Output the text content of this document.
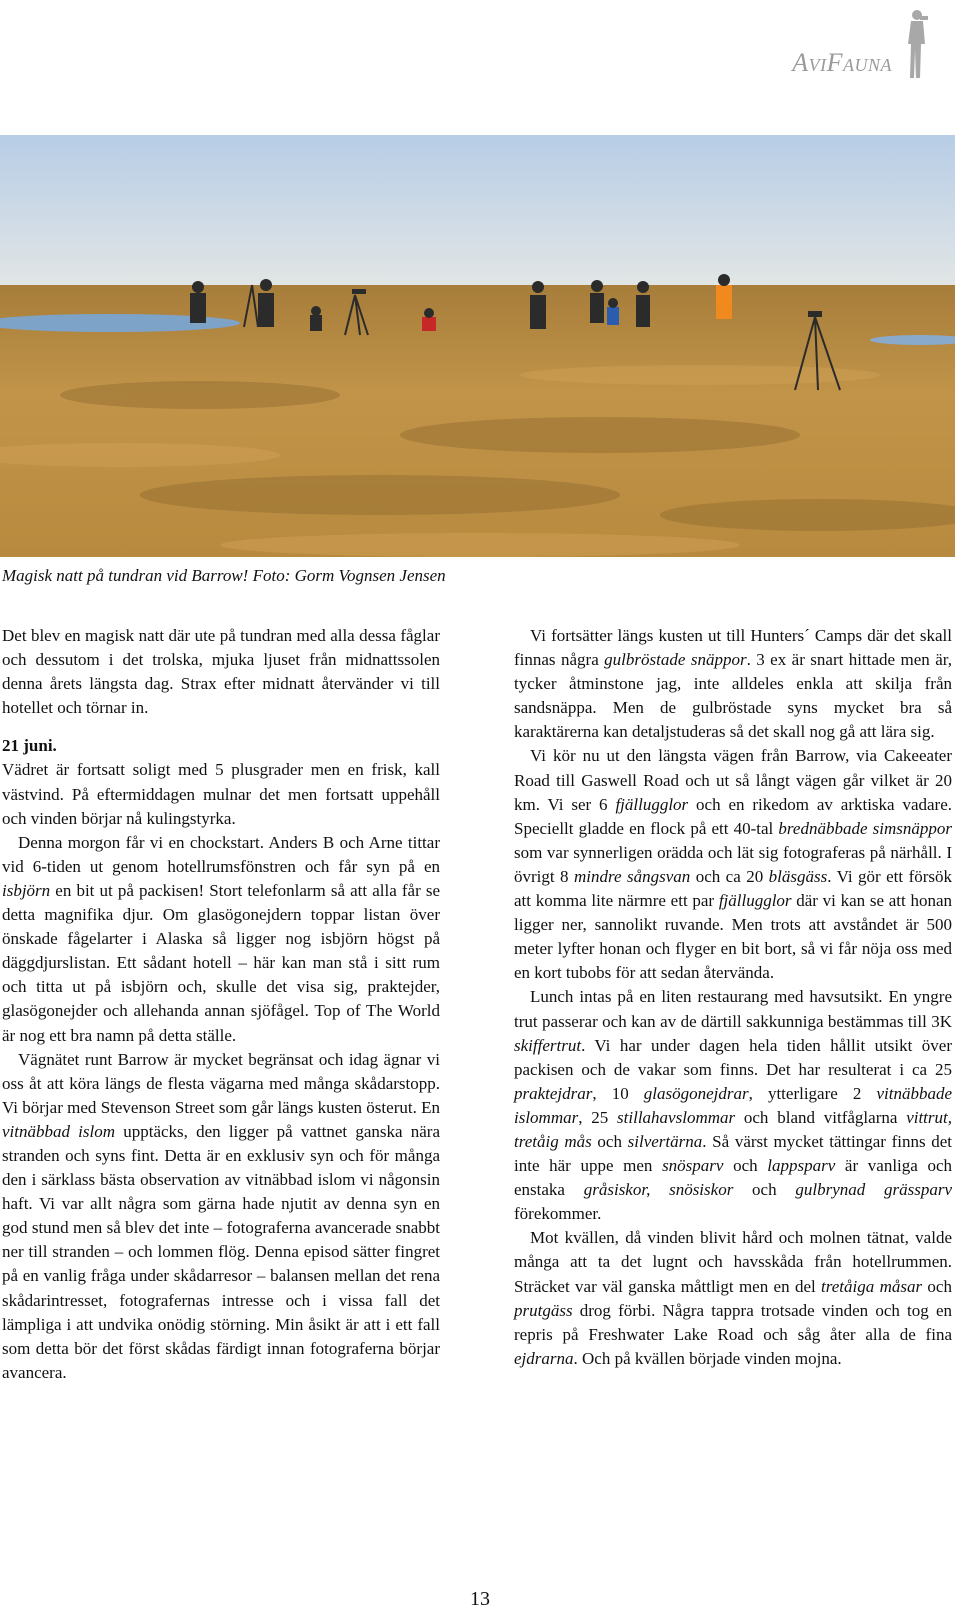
AviFauna
Magisk natt på tundran vid Barrow! Foto: Gorm Vognsen Jensen

Det blev en magisk natt där ute på tundran med alla dessa fåglar och dessutom i det trolska, mjuka ljuset från midnattssolen denna årets längsta dag. Strax efter midnatt återvänder vi till hotellet och törnar in.

21 juni.

Vädret är fortsatt soligt med 5 plusgrader men en frisk, kall västvind. På eftermiddagen mulnar det men fortsatt uppehåll och vinden börjar nå kulingstyrka.

Denna morgon får vi en chockstart. Anders B och Arne tittar vid 6-tiden ut genom hotellrumsfönstren och får syn på en isbjörn en bit ut på packisen! Stort telefonlarm så att alla får se detta magnifika djur. Om glasögonejdern toppar listan över önskade fågelarter i Alaska så ligger nog isbjörn högst på däggdjurslistan. Ett sådant hotell – här kan man stå i sitt rum och titta ut på isbjörn och, skulle det visa sig, praktejder, glasögonejder och allehanda annan sjöfågel. Top of The World är nog ett bra namn på detta ställe.

Vägnätet runt Barrow är mycket begränsat och idag ägnar vi oss åt att köra längs de flesta vägarna med många skådarstopp. Vi börjar med Stevenson Street som går längs kusten österut. En vitnäbbad islom upptäcks, den ligger på vattnet ganska nära stranden och syns fint. Detta är en exklusiv syn och för många den i särklass bästa observation av vitnäbbad islom vi någonsin haft. Vi var allt några som gärna hade njutit av denna syn en god stund men så blev det inte – fotograferna avancerade snabbt ner till stranden – och lommen flög. Denna episod sätter fingret på en vanlig fråga under skådarresor – balansen mellan det rena skådarintresset, fotografernas intresse och i vissa fall det lämpliga i att undvika onödig störning. Min åsikt är att i ett fall som detta bör det först skådas färdigt innan fotograferna börjar avancera.

Vi fortsätter längs kusten ut till Hunters´ Camps där det skall finnas några gulbröstade snäppor. 3 ex är snart hittade men är, tycker åtminstone jag, inte alldeles enkla att skilja från sandsnäppa. Men de gulbröstade syns mycket bra så karaktärerna kan detaljstuderas så det skall nog gå att lära sig.

Vi kör nu ut den längsta vägen från Barrow, via Cakeeater Road till Gaswell Road och ut så långt vägen går vilket är 20 km. Vi ser 6 fjällugglor och en rikedom av arktiska vadare. Speciellt gladde en flock på ett 40-tal brednäbbade simsnäppor som var synnerligen orädda och lät sig fotograferas på närhåll. I övrigt 8 mindre sångsvan och ca 20 bläsgäss. Vi gör ett försök att komma lite närmre ett par fjällugglor där vi kan se att honan ligger ner, sannolikt ruvande. Men trots att avståndet är 500 meter lyfter honan och flyger en bit bort, så vi får nöja oss med en kort tubobs för att sedan återvända.

Lunch intas på en liten restaurang med havsutsikt. En yngre trut passerar och kan av de därtill sakkunniga bestämmas till 3K skiffertrut. Vi har under dagen hela tiden hållit utsikt över packisen och de vakar som finns. Det har resulterat i ca 25 praktejdrar, 10 glasögonejdrar, ytterligare 2 vitnäbbade islommar, 25 stillahavslommar och bland vitfåglarna vittrut, tretåig mås och silvertärna. Så värst mycket tättingar finns det inte här uppe men snösparv och lappsparv är vanliga och enstaka gråsiskor, snösiskor och gulbrynad grässparv förekommer.

Mot kvällen, då vinden blivit hård och molnen tätnat, valde många att ta det lugnt och havsskåda från hotellrummen. Sträcket var väl ganska måttligt men en del tretåiga måsar och prutgäss drog förbi. Några tappra trotsade vinden och tog en repris på Freshwater Lake Road och såg åter alla de fina ejdrarna. Och på kvällen började vinden mojna.

13
